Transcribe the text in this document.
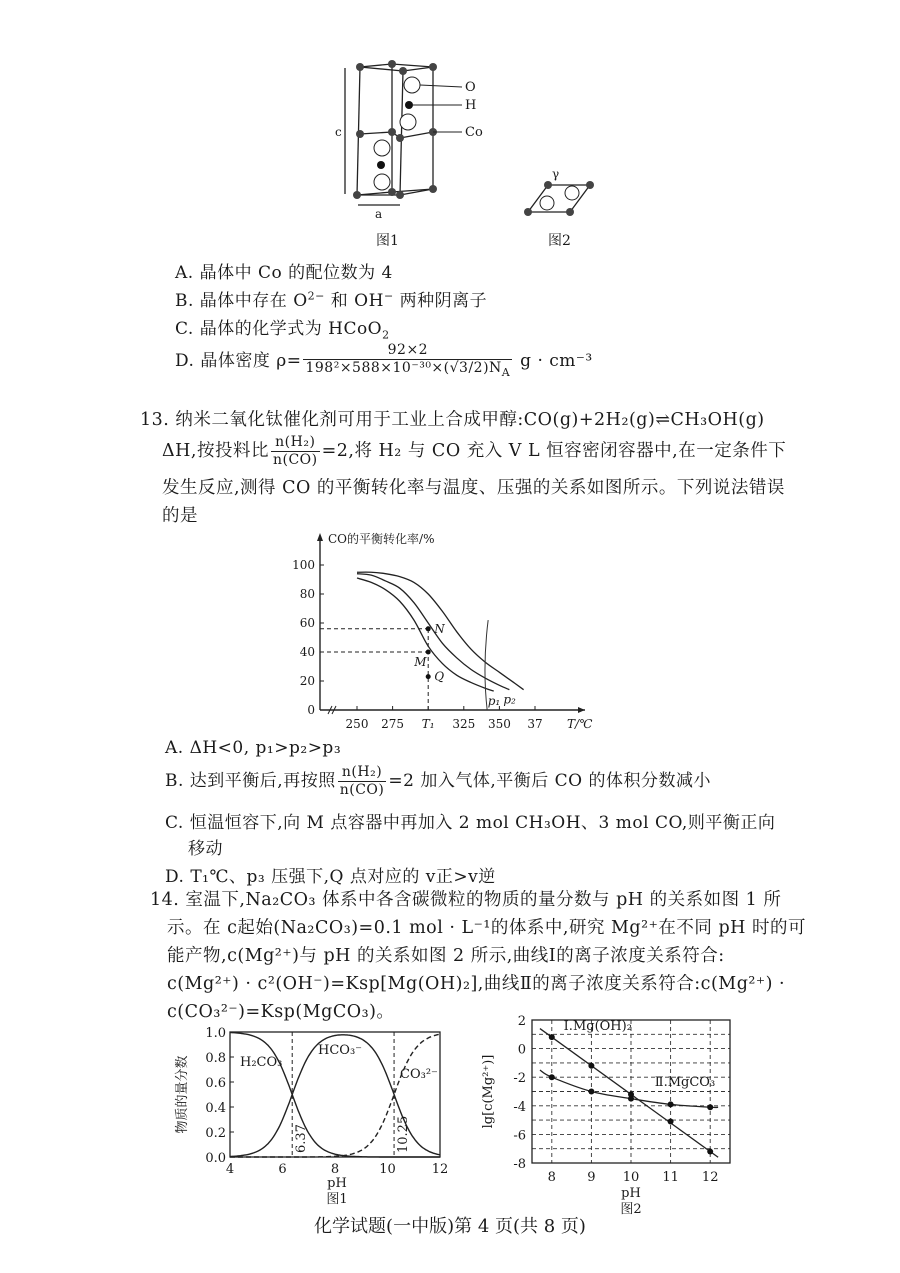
O
H
Co
c
a
γ
图1	图2
A. 晶体中 Co 的配位数为 4
B. 晶体中存在 $O^{2-}$ 和 OH− 两种阴离子
C. 晶体的化学式为 HCoO$_2$
D. 晶体密度 $\rho= \frac{92\times 2}{198^2\times 588\times 10^{-30}\times(√3/2)N_A}$ g · cm⁻³
13. 纳米二氧化钛催化剂可用于工业上合成甲醇:CO(g)+2H₂(g)⇌CH₃OH(g)
ΔH,按投料比 $\frac{\text{n(H₂)}}{n(CO)} =2$,将 H₂ 与 CO 充入 V L 恒容密闭容器中,在一定条件下
发生反应,测得 CO 的平衡转化率与温度、压强的关系如图所示。下列说法错误
的是
CO的平衡转化率/%
T/℃
0
20
40
60
80
100
250 275 T₁ 325 350 37
p₁ p₂
N
M
Q
A. ΔH<0, p₁>p₂>p₃
B. 达到平衡后,再按照 $\frac{\text{n(H₂)}}{n(CO)} =2$ 加入气体,平衡后 CO 的体积分数减小
C. 恒温恒容下,向 M 点容器中再加入 2 mol CH₃OH、3 mol CO,则平衡正向
移动
D. T₁℃、p₃ 压强下,Q 点对应的 v正>v逆
14. 室温下,Na₂CO₃ 体系中各含碳微粒的物质的量分数与 pH 的关系如图 1 所
示。在 c起始(Na₂CO₃)=0.1 mol · L⁻¹的体系中,研究 Mg²⁺在不同 pH 时的可
能产物,c(Mg²⁺)与 pH 的关系如图 2 所示,曲线Ⅰ的离子浓度关系符合:
c(Mg²⁺) · c²(OH⁻)=Ksp[Mg(OH)₂],曲线Ⅱ的离子浓度关系符合:c(Mg²⁺) ·
c(CO₃²⁻)=Ksp(MgCO₃)。
0.0
0.2
0.4
0.6
0.8
1.0
4	6	8	10	12
pH
物质的量分数
图1
6.37	10.25
H₂CO₃
HCO₃⁻
CO₃²⁻
8 9 10 11 12
2
0
-2
-4
-6
-8
pH
图2
lg[c(Mg²⁺)]
Ⅰ.Mg(OH)₂
Ⅱ.MgCO₃
化学试题(一中版)第 4 页(共 8 页)
